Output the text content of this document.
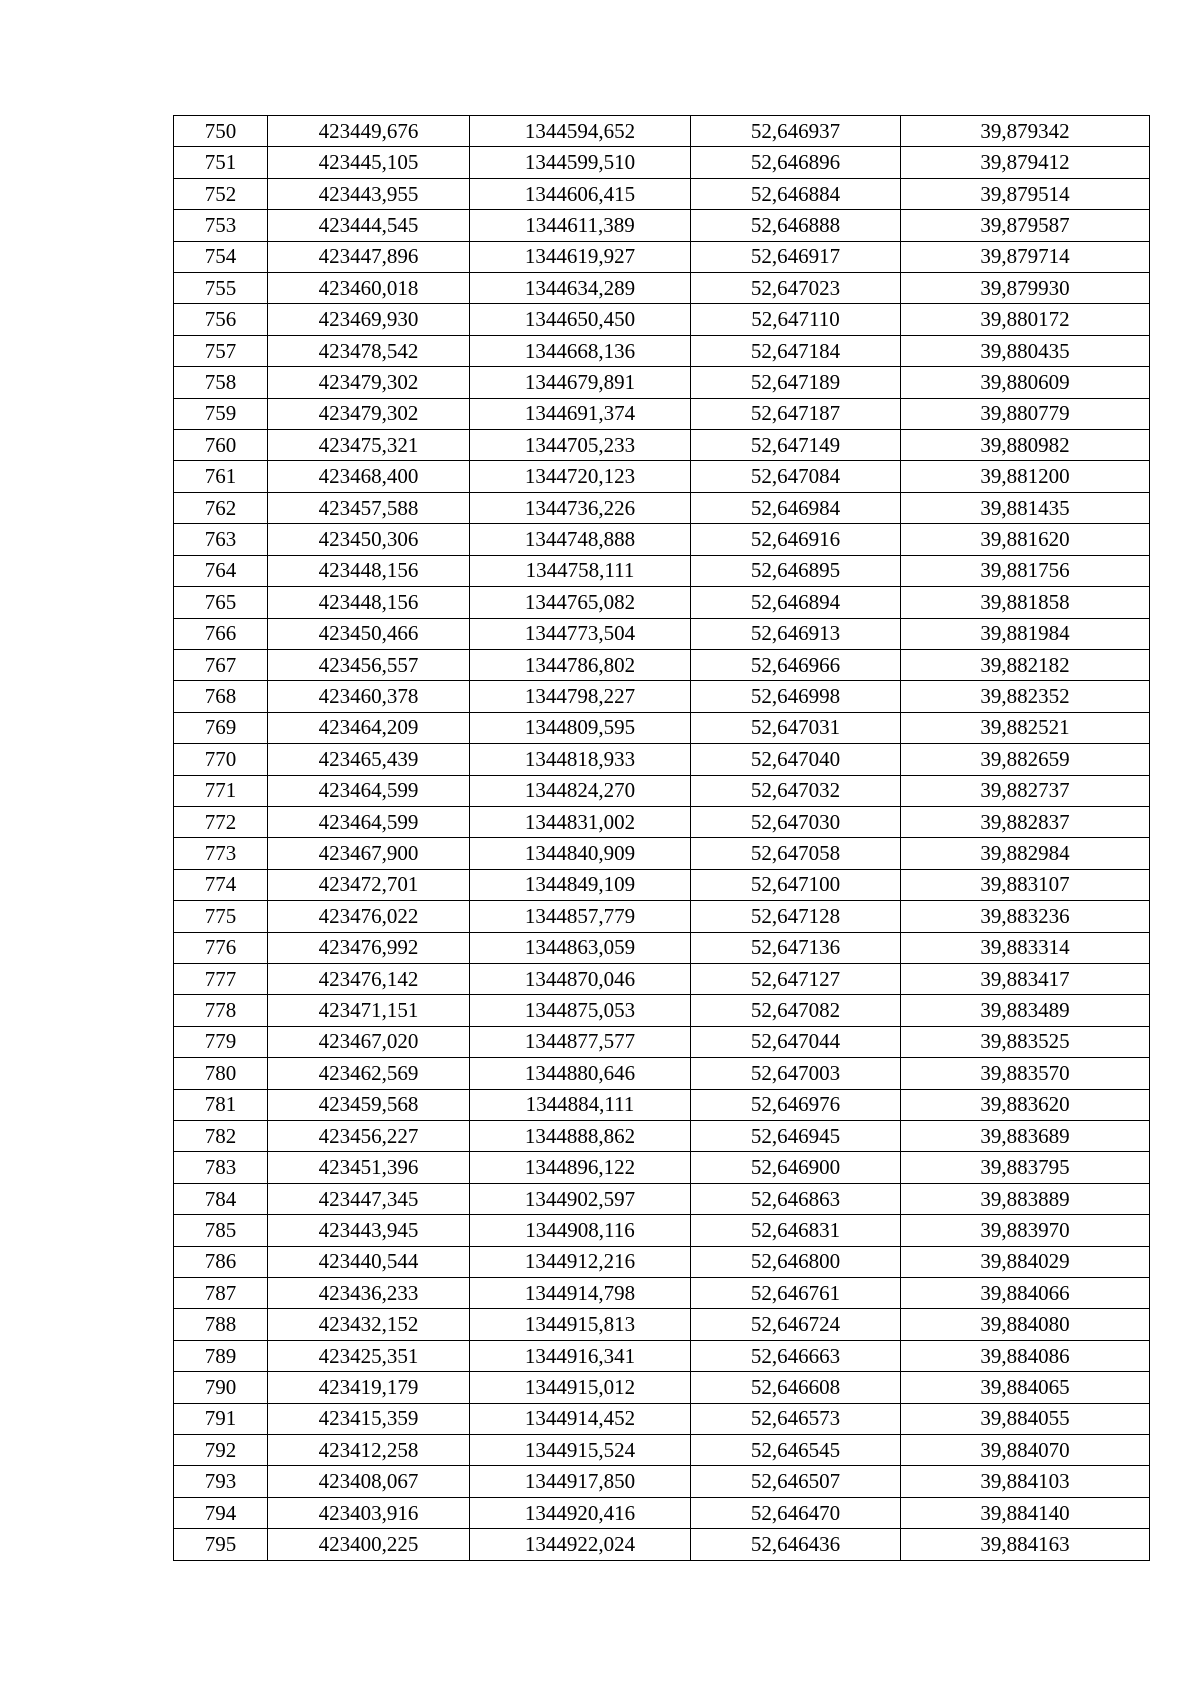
750	423449,676	1344594,652	52,646937	39,879342
751	423445,105	1344599,510	52,646896	39,879412
752	423443,955	1344606,415	52,646884	39,879514
753	423444,545	1344611,389	52,646888	39,879587
754	423447,896	1344619,927	52,646917	39,879714
755	423460,018	1344634,289	52,647023	39,879930
756	423469,930	1344650,450	52,647110	39,880172
757	423478,542	1344668,136	52,647184	39,880435
758	423479,302	1344679,891	52,647189	39,880609
759	423479,302	1344691,374	52,647187	39,880779
760	423475,321	1344705,233	52,647149	39,880982
761	423468,400	1344720,123	52,647084	39,881200
762	423457,588	1344736,226	52,646984	39,881435
763	423450,306	1344748,888	52,646916	39,881620
764	423448,156	1344758,111	52,646895	39,881756
765	423448,156	1344765,082	52,646894	39,881858
766	423450,466	1344773,504	52,646913	39,881984
767	423456,557	1344786,802	52,646966	39,882182
768	423460,378	1344798,227	52,646998	39,882352
769	423464,209	1344809,595	52,647031	39,882521
770	423465,439	1344818,933	52,647040	39,882659
771	423464,599	1344824,270	52,647032	39,882737
772	423464,599	1344831,002	52,647030	39,882837
773	423467,900	1344840,909	52,647058	39,882984
774	423472,701	1344849,109	52,647100	39,883107
775	423476,022	1344857,779	52,647128	39,883236
776	423476,992	1344863,059	52,647136	39,883314
777	423476,142	1344870,046	52,647127	39,883417
778	423471,151	1344875,053	52,647082	39,883489
779	423467,020	1344877,577	52,647044	39,883525
780	423462,569	1344880,646	52,647003	39,883570
781	423459,568	1344884,111	52,646976	39,883620
782	423456,227	1344888,862	52,646945	39,883689
783	423451,396	1344896,122	52,646900	39,883795
784	423447,345	1344902,597	52,646863	39,883889
785	423443,945	1344908,116	52,646831	39,883970
786	423440,544	1344912,216	52,646800	39,884029
787	423436,233	1344914,798	52,646761	39,884066
788	423432,152	1344915,813	52,646724	39,884080
789	423425,351	1344916,341	52,646663	39,884086
790	423419,179	1344915,012	52,646608	39,884065
791	423415,359	1344914,452	52,646573	39,884055
792	423412,258	1344915,524	52,646545	39,884070
793	423408,067	1344917,850	52,646507	39,884103
794	423403,916	1344920,416	52,646470	39,884140
795	423400,225	1344922,024	52,646436	39,884163
